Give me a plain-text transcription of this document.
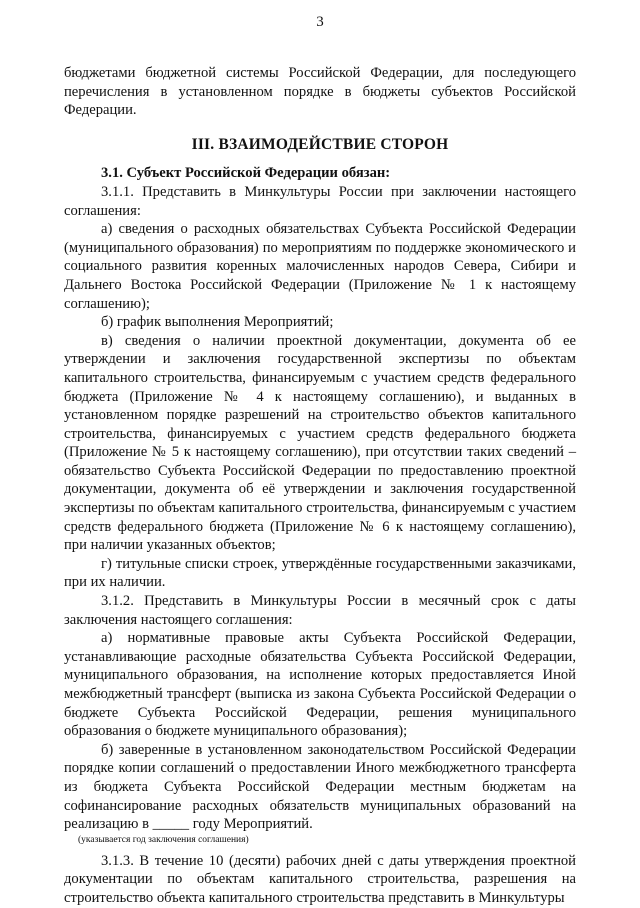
3

бюджетами бюджетной системы Российской Федерации, для последующего перечисления в установленном порядке в бюджеты субъектов Российской Федерации.

III. ВЗАИМОДЕЙСТВИЕ СТОРОН

3.1. Субъект Российской Федерации обязан:

3.1.1. Представить в Минкультуры России при заключении настоящего соглашения:

а) сведения о расходных обязательствах Субъекта Российской Федерации (муниципального образования) по мероприятиям по поддержке экономического и социального развития коренных малочисленных народов Севера, Сибири и Дальнего Востока Российской Федерации (Приложение № 1 к настоящему соглашению);

б) график выполнения Мероприятий;

в) сведения о наличии проектной документации, документа об ее утверждении и заключения государственной экспертизы по объектам капитального строительства, финансируемым с участием средств федерального бюджета (Приложение № 4 к настоящему соглашению), и выданных в установленном порядке разрешений на строительство объектов капитального строительства, финансируемых с участием средств федерального бюджета (Приложение № 5 к настоящему соглашению), при отсутствии таких сведений – обязательство Субъекта Российской Федерации по предоставлению проектной документации, документа об её утверждении и заключения государственной экспертизы по объектам капитального строительства, финансируемым с участием средств федерального бюджета (Приложение № 6 к настоящему соглашению), при наличии указанных объектов;

г) титульные списки строек, утверждённые государственными заказчиками, при их наличии.

3.1.2. Представить в Минкультуры России в месячный срок с даты заключения настоящего соглашения:

а) нормативные правовые акты Субъекта Российской Федерации, устанавливающие расходные обязательства Субъекта Российской Федерации, муниципального образования, на исполнение которых предоставляется Иной межбюджетный трансферт (выписка из закона Субъекта Российской Федерации о бюджете Субъекта Российской Федерации, решения муниципального образования о бюджете муниципального образования);

б) заверенные в установленном законодательством Российской Федерации порядке копии соглашений о предоставлении Иного межбюджетного трансферта из бюджета Субъекта Российской Федерации местным бюджетам на софинансирование расходных обязательств муниципальных образований на реализацию в _____ году Мероприятий.

(указывается год заключения соглашения)

3.1.3. В течение 10 (десяти) рабочих дней с даты утверждения проектной документации по объектам капитального строительства, разрешения на строительство объекта капитального строительства представить в Минкультуры
